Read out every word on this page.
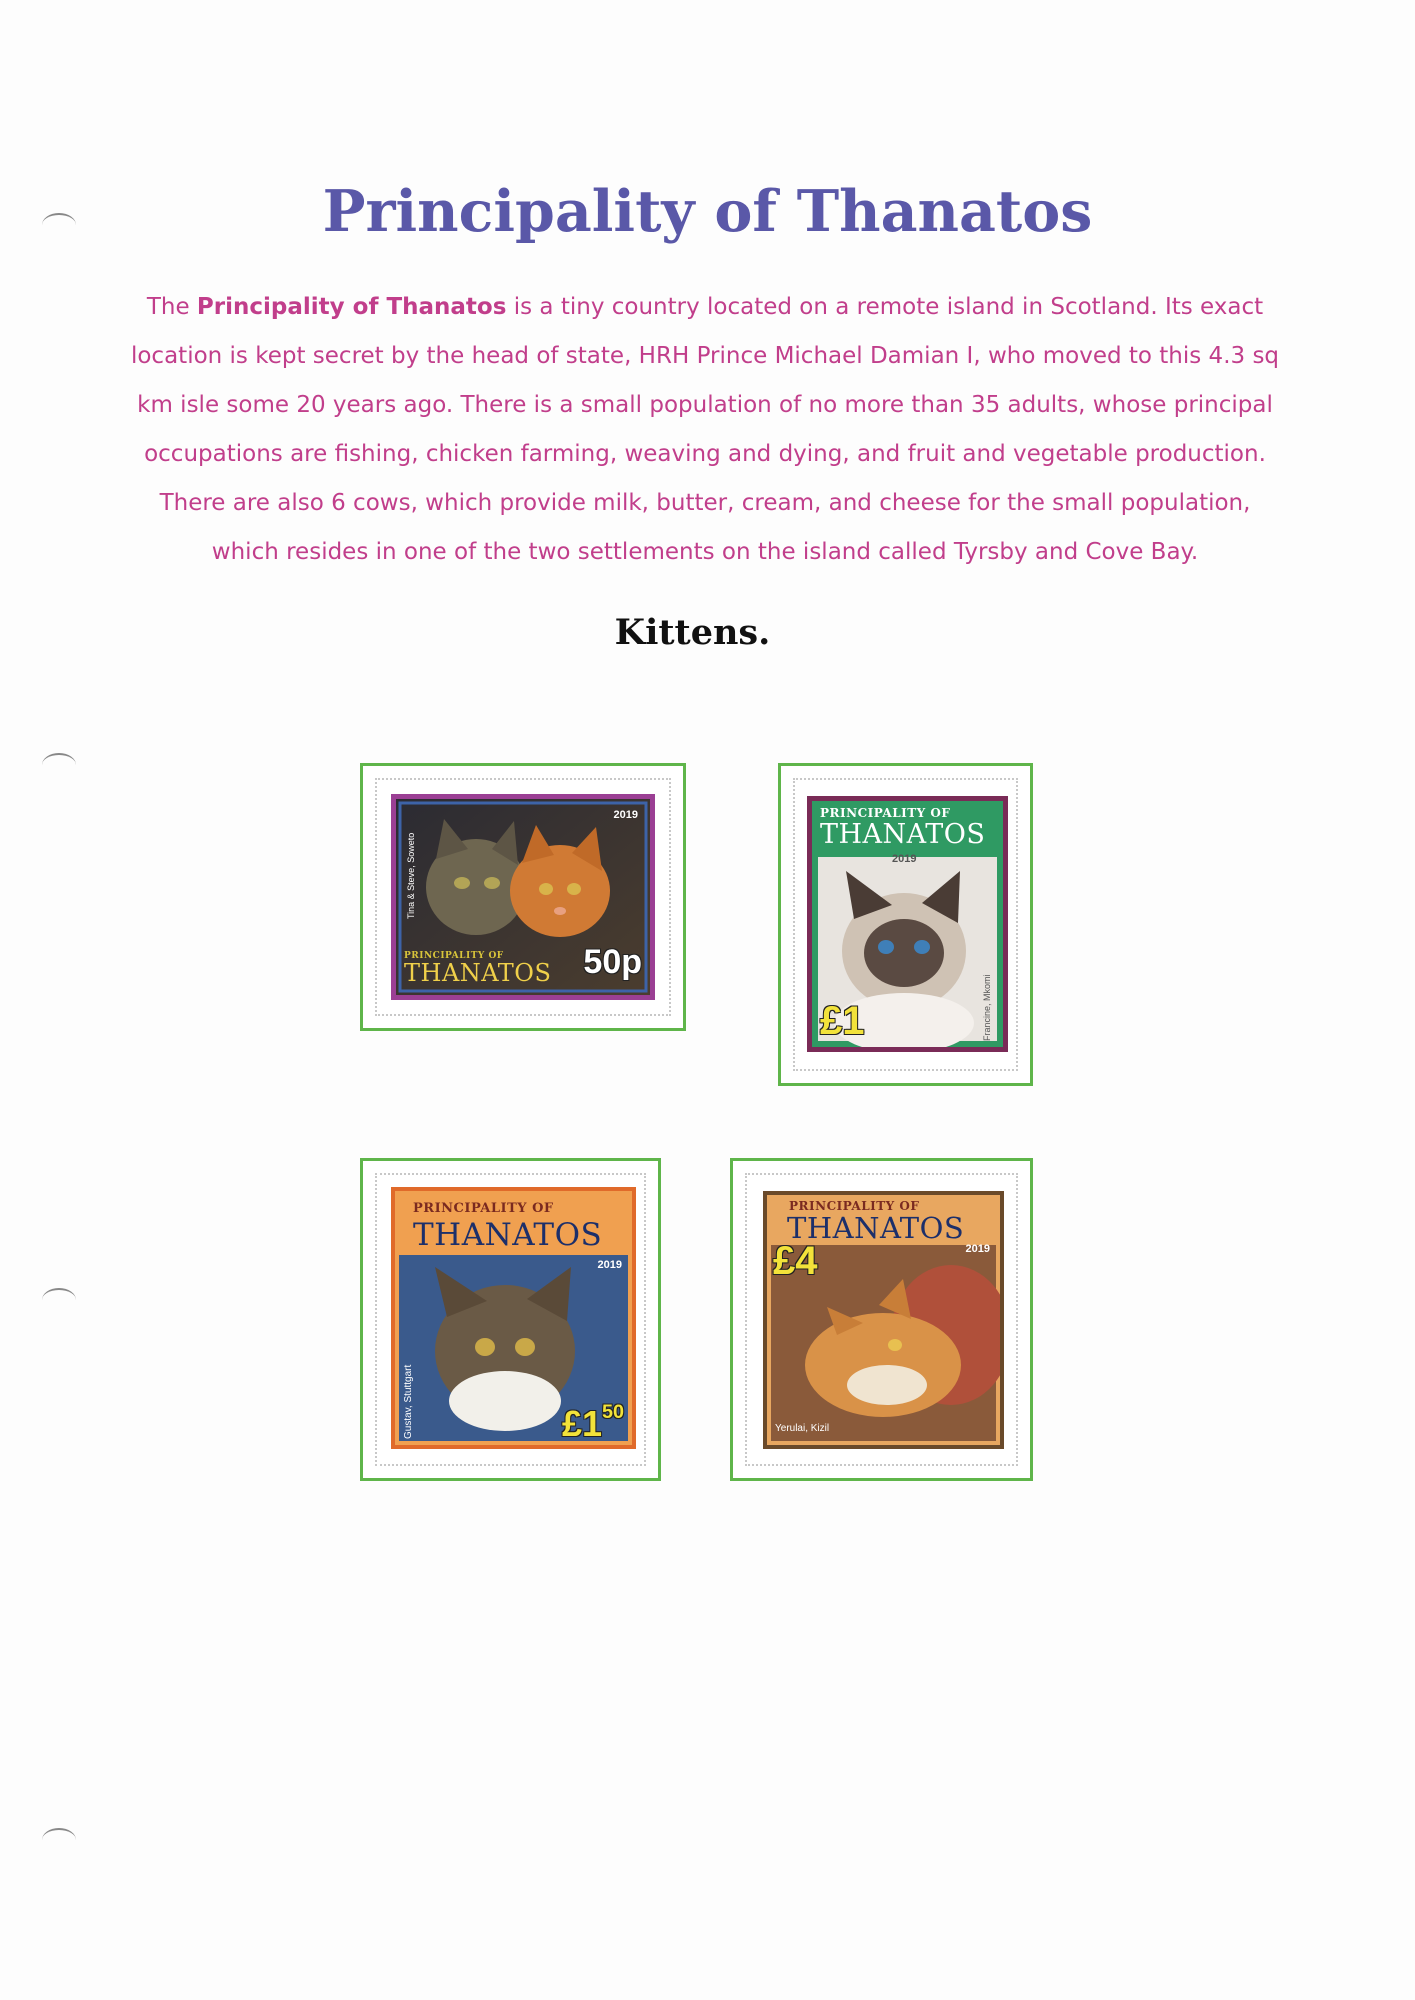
Principality of Thanatos
The Principality of Thanatos is a tiny country located on a remote island in Scotland. Its exact
location is kept secret by the head of state, HRH Prince Michael Damian I, who moved to this 4.3 sq
km isle some 20 years ago. There is a small population of no more than 35 adults, whose principal
occupations are fishing, chicken farming, weaving and dying, and fruit and vegetable production.
There are also 6 cows, which provide milk, butter, cream, and cheese for the small population,
which resides in one of the two settlements on the island called Tyrsby and Cove Bay.
Kittens.
2019
Tina & Steve, Soweto
PRINCIPALITY OF
THANATOS 50p
PRINCIPALITY OF
THANATOS
2019
Francine, Mkomi
£1
PRINCIPALITY OF
THANATOS
2019
Gustav, Stuttgart	$£1^{50}$
PRINCIPALITY OF
THANATOS
2019
£4
Yerulai, Kizil
